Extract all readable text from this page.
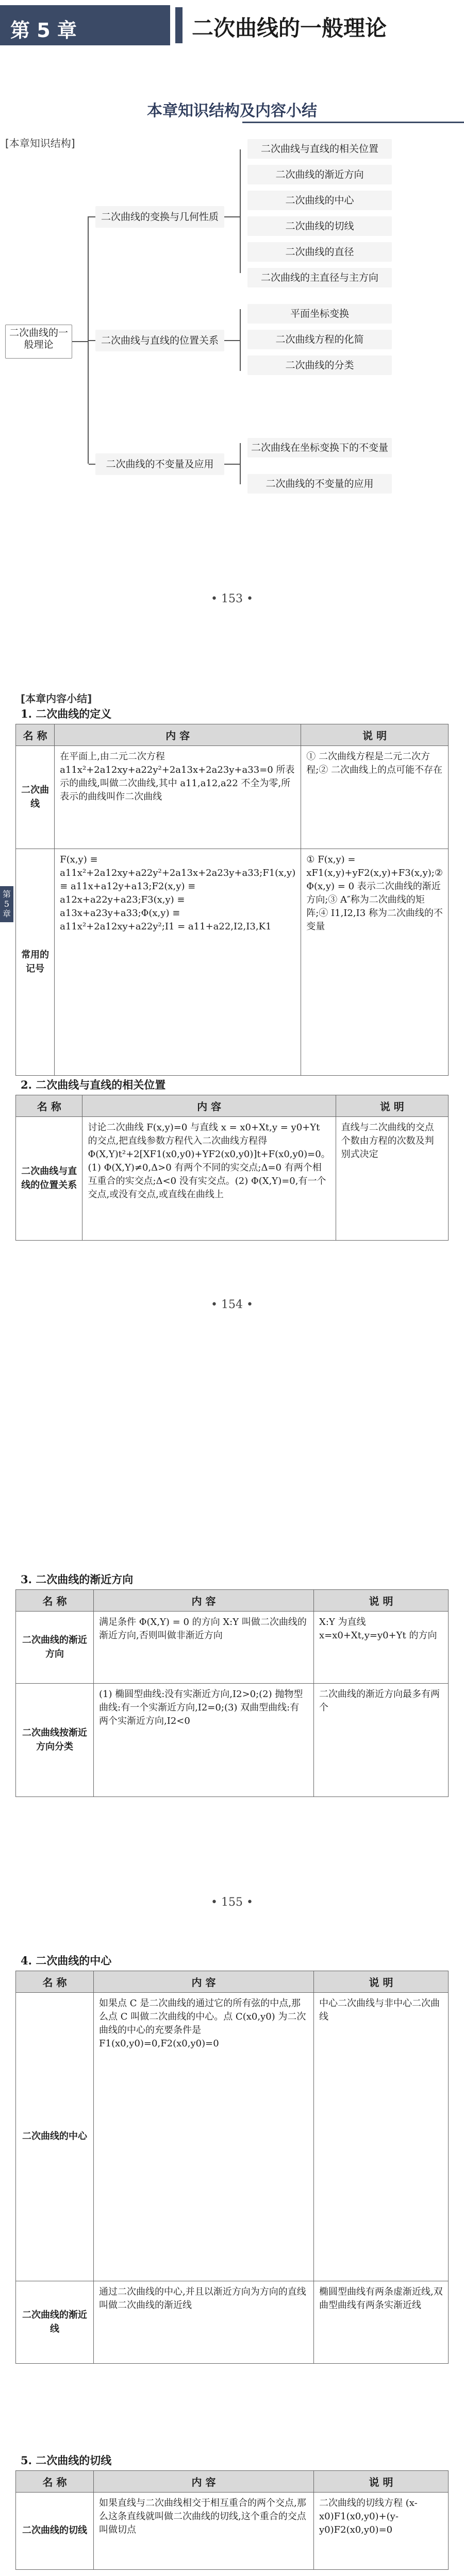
第 5 章	二次曲线的一般理论
本章知识结构及内容小结
[本章知识结构]
二次曲线的一般理论
二次曲线的变换与几何性质
二次曲线与直线的位置关系
二次曲线的不变量及应用
二次曲线与直线的相关位置
二次曲线的渐近方向
二次曲线的中心
二次曲线的切线
二次曲线的直径
二次曲线的主直径与主方向
平面坐标变换
二次曲线方程的化简
二次曲线的分类
二次曲线在坐标变换下的不变量
二次曲线的不变量的应用
• 153 •
[本章内容小结]
1. 二次曲线的定义
第5章
名 称	内 容	说 明
二次曲线	在平面上,由二元二次方程 a11x²+2a12xy+a22y²+2a13x+2a23y+a33=0 所表示的曲线,叫做二次曲线,其中 a11,a12,a22 不全为零,所表示的曲线叫作二次曲线	① 二次曲线方程是二元二次方程;② 二次曲线上的点可能不存在
常用的记号	F(x,y) ≡ a11x²+2a12xy+a22y²+2a13x+2a23y+a33;F1(x,y) ≡ a11x+a12y+a13;F2(x,y) ≡ a12x+a22y+a23;F3(x,y) ≡ a13x+a23y+a33;Φ(x,y) ≡ a11x²+2a12xy+a22y²;I1 = a11+a22,I2,I3,K1	① F(x,y) = xF1(x,y)+yF2(x,y)+F3(x,y);② Φ(x,y) = 0 表示二次曲线的渐近方向;③ A″称为二次曲线的矩阵;④ I1,I2,I3 称为二次曲线的不变量
2. 二次曲线与直线的相关位置
名 称	内 容	说 明
二次曲线与直线的位置关系	讨论二次曲线 F(x,y)=0 与直线 x = x0+Xt,y = y0+Yt 的交点,把直线参数方程代入二次曲线方程得 Φ(X,Y)t²+2[XF1(x0,y0)+YF2(x0,y0)]t+F(x0,y0)=0。(1) Φ(X,Y)≠0,Δ>0 有两个不同的实交点;Δ=0 有两个相互重合的实交点;Δ<0 没有实交点。(2) Φ(X,Y)=0,有一个交点,或没有交点,或直线在曲线上	直线与二次曲线的交点个数由方程的次数及判别式决定
• 154 •
3. 二次曲线的渐近方向
名 称	内 容	说 明
二次曲线的渐近方向	满足条件 Φ(X,Y) = 0 的方向 X:Y 叫做二次曲线的渐近方向,否则叫做非渐近方向	X:Y 为直线 x=x0+Xt,y=y0+Yt 的方向
二次曲线按渐近方向分类	(1) 椭圆型曲线:没有实渐近方向,I2>0;(2) 抛物型曲线:有一个实渐近方向,I2=0;(3) 双曲型曲线:有两个实渐近方向,I2<0	二次曲线的渐近方向最多有两个
• 155 •
4. 二次曲线的中心
名 称	内 容	说 明
二次曲线的中心	如果点 C 是二次曲线的通过它的所有弦的中点,那么点 C 叫做二次曲线的中心。点 C(x0,y0) 为二次曲线的中心的充要条件是 F1(x0,y0)=0,F2(x0,y0)=0	中心二次曲线与非中心二次曲线
二次曲线的渐近线	通过二次曲线的中心,并且以渐近方向为方向的直线叫做二次曲线的渐近线	椭圆型曲线有两条虚渐近线,双曲型曲线有两条实渐近线
5. 二次曲线的切线
名 称	内 容	说 明
二次曲线的切线	如果直线与二次曲线相交于相互重合的两个交点,那么这条直线就叫做二次曲线的切线,这个重合的交点叫做切点	二次曲线的切线方程 (x-x0)F1(x0,y0)+(y-y0)F2(x0,y0)=0
